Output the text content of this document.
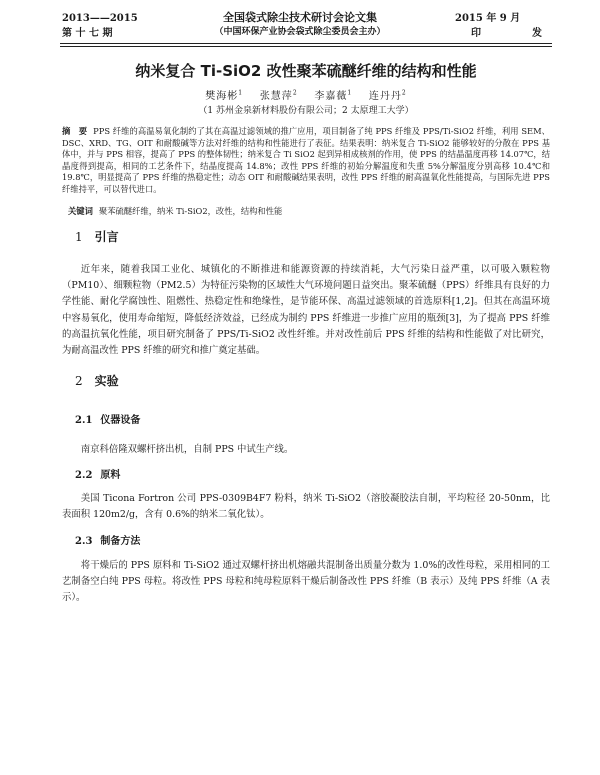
2013——2015
第 十 七 期
全国袋式除尘技术研讨会论文集
（中国环保产业协会袋式除尘委员会主办）
2015 年 9 月
印	发
纳米复合 Ti-SiO2 改性聚苯硫醚纤维的结构和性能
樊海彬$^1$ 张慧萍$^2$ 李嘉薇$^1$ 连丹丹$^2$
（1 苏州金泉新材料股份有限公司；2 太原理工大学）
摘　要 PPS 纤维的高温易氧化制约了其在高温过滤领域的推广应用，项目制备了纯 PPS 纤维及 PPS/Ti-SiO2 纤维，利用 SEM、DSC、XRD、TG、OIT 和耐酸碱等方法对纤维的结构和性能进行了表征。结果表明：纳米复合 Ti-SiO2 能够较好的分散在 PPS 基体中，并与 PPS 相容，提高了 PPS 的整体韧性；纳米复合 Ti SiO2 起到异相成核剂的作用，使 PPS 的结晶温度再移 14.07℃，结晶度得到提高，相同的工艺条件下，结晶度提高 14.8%；改性 PPS 纤维的初始分解温度和失重 5%分解温度分别高移 10.4℃和 19.8℃，明显提高了 PPS 纤维的热稳定性；动态 OIT 和耐酸碱结果表明，改性 PPS 纤维的耐高温氧化性能提高，与国际先进 PPS 纤维持平，可以替代进口。
关键词 聚苯硫醚纤维，纳米 Ti-SiO2，改性，结构和性能
1 引言
近年来，随着我国工业化、城镇化的不断推进和能源资源的持续消耗，大气污染日益严重，以可吸入颗粒物（PM10）、细颗粒物（PM2.5）为特征污染物的区域性大气环境问题日益突出。聚苯硫醚（PPS）纤维具有良好的力学性能、耐化学腐蚀性、阻燃性、热稳定性和绝缘性，是节能环保、高温过滤领域的首选原料[1,2]。但其在高温环境中容易氧化，使用寿命缩短，降低经济效益，已经成为制约 PPS 纤维进一步推广应用的瓶颈[3]，为了提高 PPS 纤维的高温抗氧化性能，项目研究制备了 PPS/Ti-SiO2 改性纤维。并对改性前后 PPS 纤维的结构和性能做了对比研究，为耐高温改性 PPS 纤维的研究和推广奠定基础。
2 实验
2.1 仪器设备
南京科倍隆双螺杆挤出机，自制 PPS 中试生产线。
2.2 原料
美国 Ticona Fortron 公司 PPS-0309B4F7 粉料，纳米 Ti-SiO2（溶胶凝胶法自制，平均粒径 20-50nm，比表面积 120m2/g，含有 0.6%的纳米二氧化钛）。
2.3 制备方法
将干燥后的 PPS 原料和 Ti-SiO2 通过双螺杆挤出机熔融共混制备出质量分数为 1.0%的改性母粒，采用相同的工艺制备空白纯 PPS 母粒。将改性 PPS 母粒和纯母粒原料干燥后制备改性 PPS 纤维（B 表示）及纯 PPS 纤维（A 表示）。
